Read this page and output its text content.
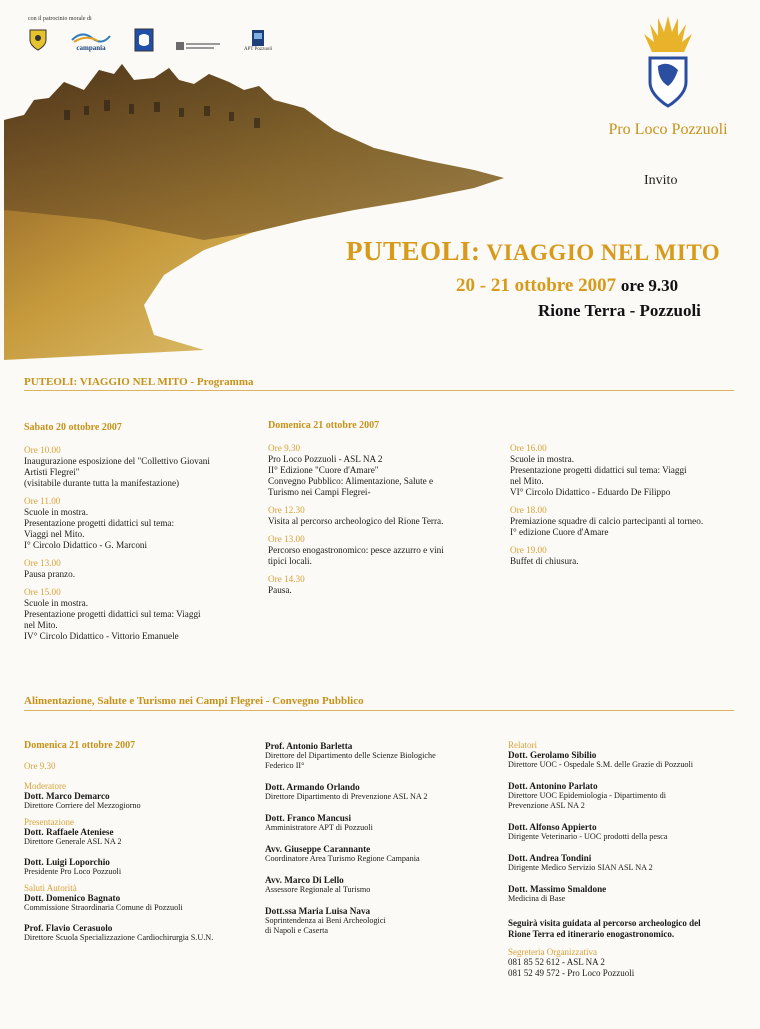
con il patrocinio morale di
campania	APT Pozzuoli
Pro Loco Pozzuoli
Invito
PUTEOLI: VIAGGIO NEL MITO
20 - 21 ottobre 2007 ore 9.30
Rione Terra - Pozzuoli
PUTEOLI: VIAGGIO NEL MITO - Programma
Sabato 20 ottobre 2007
Ore 10.00
Inaugurazione esposizione del "Collettivo Giovani
Artisti Flegrei"
(visitabile durante tutta la manifestazione)
Ore 11.00
Scuole in mostra.
Presentazione progetti didattici sul tema:
Viaggi nel Mito.
I° Circolo Didattico - G. Marconi
Ore 13.00
Pausa pranzo.
Ore 15.00
Scuole in mostra.
Presentazione progetti didattici sul tema: Viaggi
nel Mito.
IV° Circolo Didattico - Vittorio Emanuele
Domenica 21 ottobre 2007
Ore 9.30
Pro Loco Pozzuoli - ASL NA 2
II° Edizione "Cuore d'Amare"
Convegno Pubblico: Alimentazione, Salute e
Turismo nei Campi Flegrei-
Ore 12.30
Visita al percorso archeologico del Rione Terra.
Ore 13.00
Percorso enogastronomico: pesce azzurro e vini
tipici locali.
Ore 14.30
Pausa.
Ore 16.00
Scuole in mostra.
Presentazione progetti didattici sul tema: Viaggi
nel Mito.
VI° Circolo Didattico - Eduardo De Filippo
Ore 18.00
Premiazione squadre di calcio partecipanti al torneo.
I° edizione Cuore d'Amare
Ore 19.00
Buffet di chiusura.
Alimentazione, Salute e Turismo nei Campi Flegrei - Convegno Pubblico
Domenica 21 ottobre 2007
Ore 9.30
Moderatore
Dott. Marco Demarco
Direttore Corriere del Mezzogiorno
Presentazione
Dott. Raffaele Ateniese
Direttore Generale ASL NA 2
Dott. Luigi Loporchio
Presidente Pro Loco Pozzuoli
Saluti Autorità
Dott. Domenico Bagnato
Commissione Straordinaria Comune di Pozzuoli
Prof. Flavio Cerasuolo
Direttore Scuola Specializzazione Cardiochirurgia S.U.N.
Prof. Antonio Barletta
Direttore del Dipartimento delle Scienze Biologiche
Federico II°
Dott. Armando Orlando
Direttore Dipartimento di Prevenzione ASL NA 2
Dott. Franco Mancusi
Amministratore APT di Pozzuoli
Avv. Giuseppe Carannante
Coordinatore Area Turismo Regione Campania
Avv. Marco Di Lello
Assessore Regionale al Turismo
Dott.ssa Maria Luisa Nava
Soprintendenza ai Beni Archeologici
di Napoli e Caserta
Relatori
Dott. Gerolamo Sibilio
Direttore UOC - Ospedale S.M. delle Grazie di Pozzuoli
Dott. Antonino Parlato
Direttore UOC Epidemiologia - Dipartimento di
Prevenzione ASL NA 2
Dott. Alfonso Appierto
Dirigente Veterinario - UOC prodotti della pesca
Dott. Andrea Tondini
Dirigente Medico Servizio SIAN ASL NA 2
Dott. Massimo Smaldone
Medicina di Base
Seguirà visita guidata al percorso archeologico del
Rione Terra ed itinerario enogastronomico.
Segreteria Organizzativa
081 85 52 612 - ASL NA 2
081 52 49 572 - Pro Loco Pozzuoli
